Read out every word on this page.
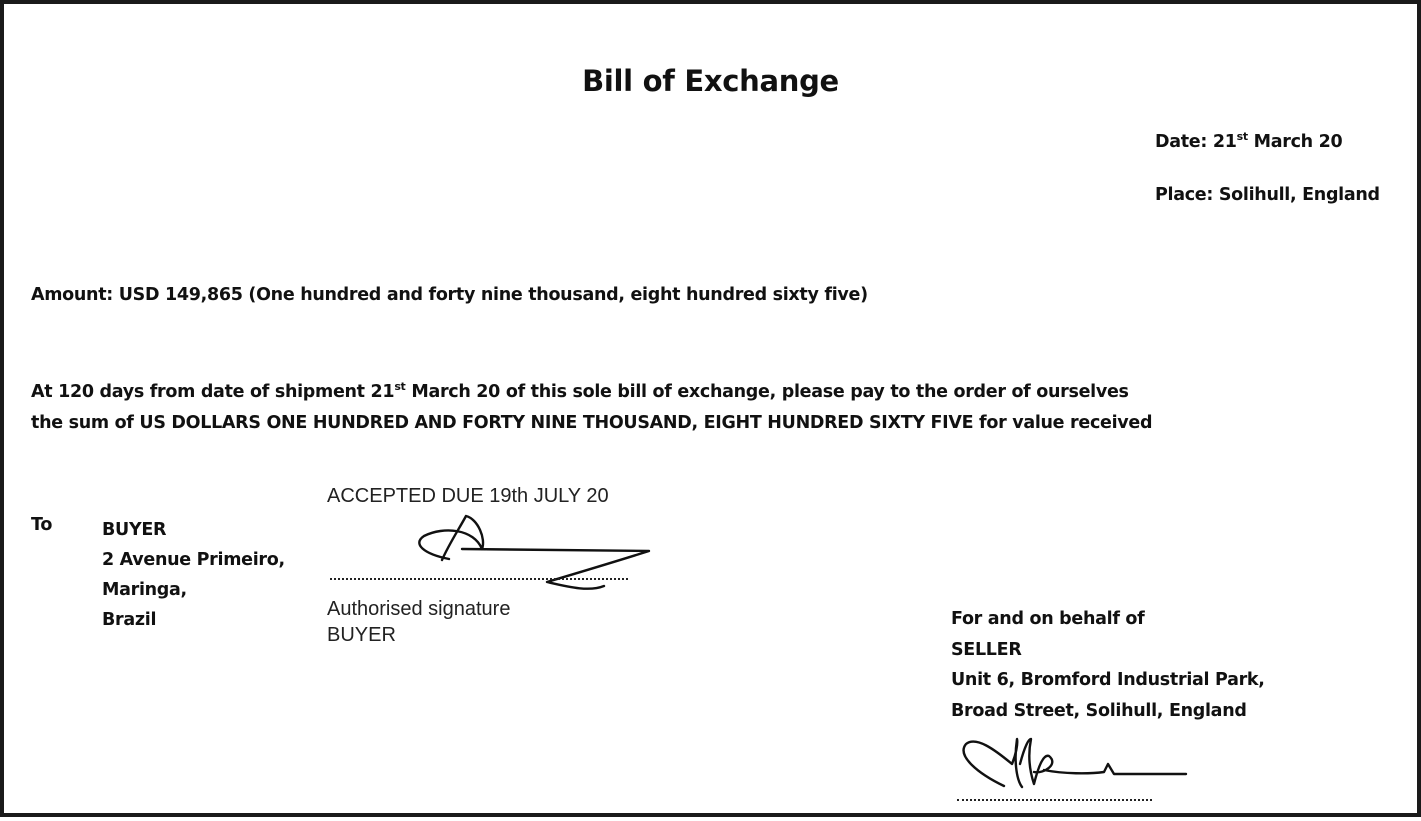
Bill of Exchange
Date: 21st March 20
Place: Solihull, England
Amount: USD 149,865 (One hundred and forty nine thousand, eight hundred sixty five)
At 120 days from date of shipment 21st March 20 of this sole bill of exchange, please pay to the order of ourselves
the sum of US DOLLARS ONE HUNDRED AND FORTY NINE THOUSAND, EIGHT HUNDRED SIXTY FIVE for value received
To	BUYER
2 Avenue Primeiro,
Maringa,
Brazil
ACCEPTED DUE 19th JULY 20
Authorised signature
BUYER
For and on behalf of
SELLER
Unit 6, Bromford Industrial Park,
Broad Street, Solihull, England
